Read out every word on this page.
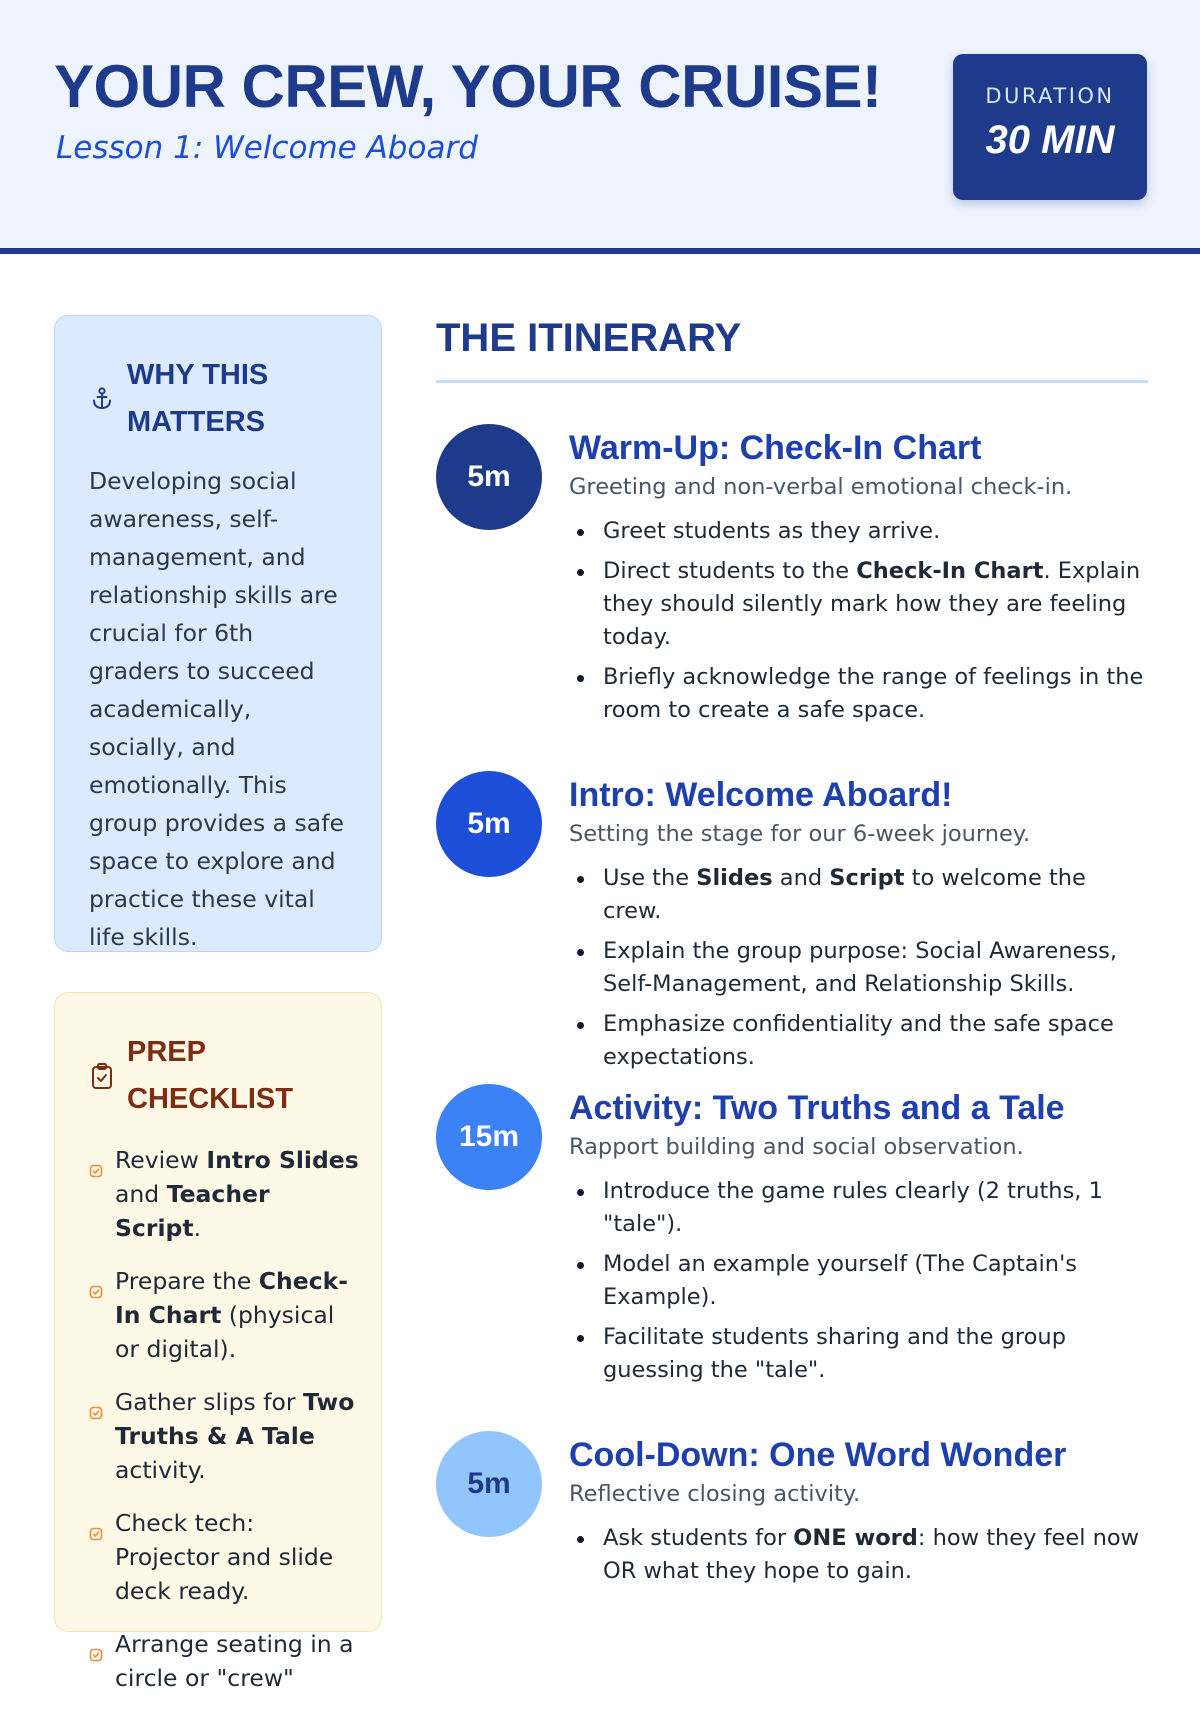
YOUR CREW, YOUR CRUISE!
Lesson 1: Welcome Aboard
DURATION
30 MIN
WHY THIS MATTERS
Developing social awareness, self-management, and relationship skills are crucial for 6th graders to succeed academically, socially, and emotionally. This group provides a safe space to explore and practice these vital life skills.
PREP CHECKLIST
Review Intro Slides and Teacher Script.
Prepare the Check-In Chart (physical or digital).
Gather slips for Two Truths & A Tale activity.
Check tech: Projector and slide deck ready.
Arrange seating in a circle or "crew"
THE ITINERARY
5m
Warm-Up: Check-In Chart
Greeting and non-verbal emotional check-in.
Greet students as they arrive.
Direct students to the Check-In Chart. Explain they should silently mark how they are feeling today.
Briefly acknowledge the range of feelings in the room to create a safe space.
5m
Intro: Welcome Aboard!
Setting the stage for our 6-week journey.
Use the Slides and Script to welcome the crew.
Explain the group purpose: Social Awareness, Self-Management, and Relationship Skills.
Emphasize confidentiality and the safe space expectations.
15m
Activity: Two Truths and a Tale
Rapport building and social observation.
Introduce the game rules clearly (2 truths, 1 "tale").
Model an example yourself (The Captain's Example).
Facilitate students sharing and the group guessing the "tale".
5m
Cool-Down: One Word Wonder
Reflective closing activity.
Ask students for ONE word: how they feel now OR what they hope to gain.
